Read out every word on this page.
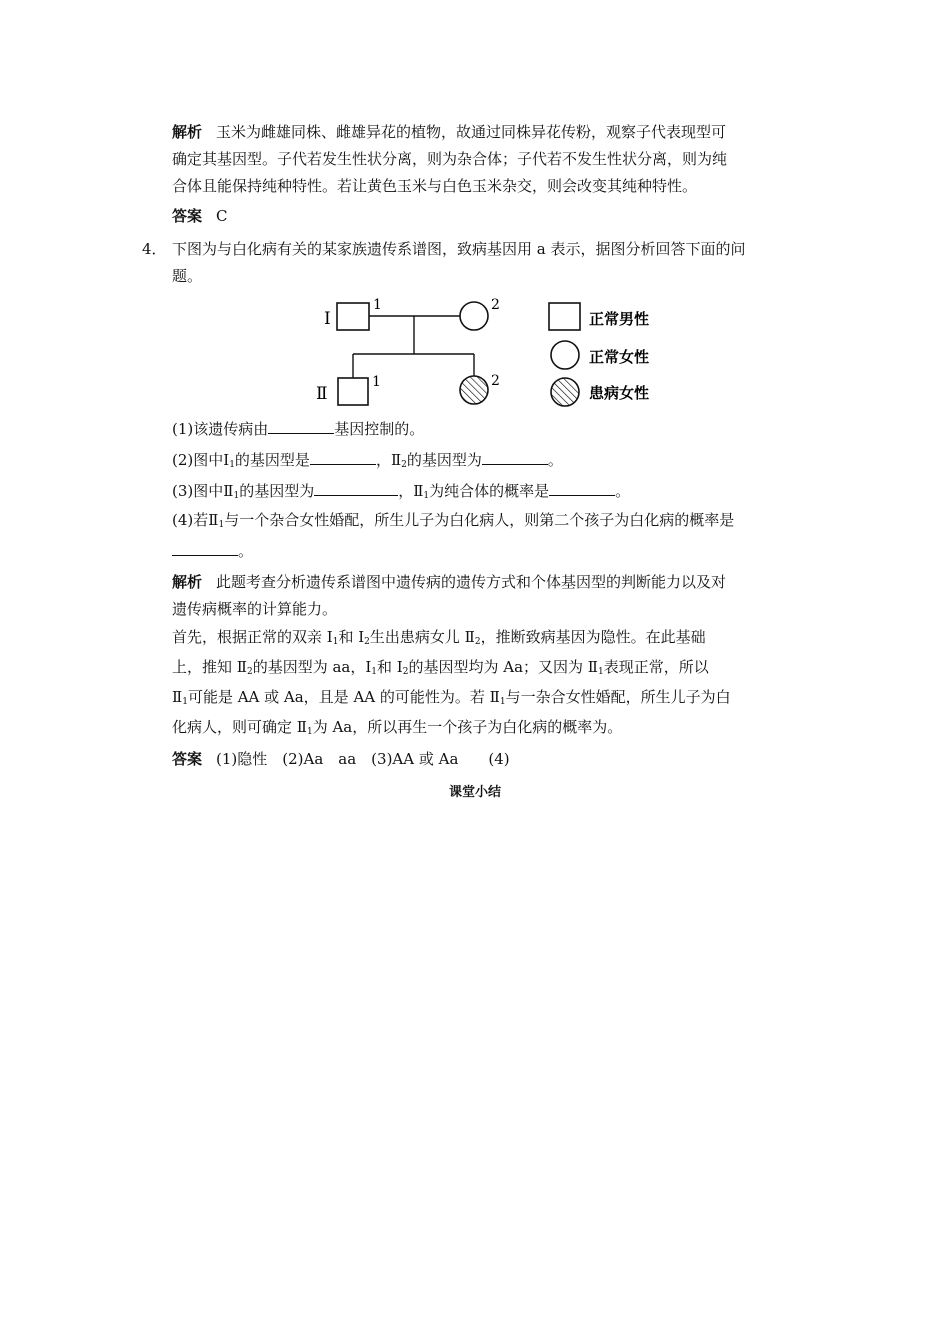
解析 玉米为雌雄同株、雌雄异花的植物，故通过同株异花传粉，观察子代表现型可
确定其基因型。子代若发生性状分离，则为杂合体；子代若不发生性状分离，则为纯
合体且能保持纯种特性。若让黄色玉米与白色玉米杂交，则会改变其纯种特性。
答案 C
4． 下图为与白化病有关的某家族遗传系谱图，致病基因用 a 表示，据图分析回答下面的问
题。
Ⅰ
Ⅱ
1	2
1	2
正常男性
正常女性
患病女性
(1)该遗传病由	基因控制的。
(2)图中$Ⅰ_1$的基因型是	，$Ⅱ_2$的基因型为	。
(3)图中$Ⅱ_1$的基因型为	，$Ⅱ_1$为纯合体的概率是	。
(4)若$Ⅱ_1$与一个杂合女性婚配，所生儿子为白化病人，则第二个孩子为白化病的概率是
。
解析 此题考查分析遗传系谱图中遗传病的遗传方式和个体基因型的判断能力以及对
遗传病概率的计算能力。
首先，根据正常的双亲 $Ⅰ_1$和 $Ⅰ_2$生出患病女儿 $Ⅱ_2$，推断致病基因为隐性。在此基础
上，推知 $Ⅱ_2$的基因型为 aa，$Ⅰ_1$和 $Ⅰ_2$的基因型均为 Aa；又因为 $Ⅱ_1$表现正常，所以
$Ⅱ_1$可能是 AA 或 Aa，且是 AA 的可能性为。若 $Ⅱ_1$与一杂合女性婚配，所生儿子为白
化病人，则可确定 $Ⅱ_1$为 Aa，所以再生一个孩子为白化病的概率为。
答案 (1)隐性　(2)Aa　aa　(3)AA 或 Aa　　(4)
课堂小结
